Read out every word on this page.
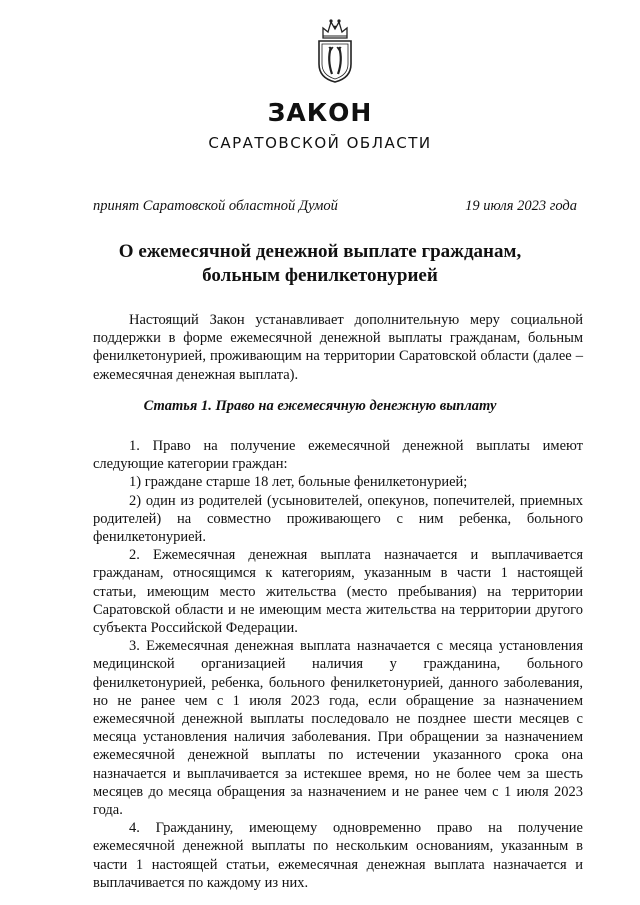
ЗАКОН
САРАТОВСКОЙ ОБЛАСТИ
принят Саратовской областной Думой	19 июля 2023 года
О ежемесячной денежной выплате гражданам,
больным фенилкетонурией

Настоящий Закон устанавливает дополнительную меру социальной поддержки в форме ежемесячной денежной выплаты гражданам, больным фенилкетонурией, проживающим на территории Саратовской области (далее – ежемесячная денежная выплата).

Статья 1. Право на ежемесячную денежную выплату

1. Право на получение ежемесячной денежной выплаты имеют следующие категории граждан:

1) граждане старше 18 лет, больные фенилкетонурией;

2) один из родителей (усыновителей, опекунов, попечителей, приемных родителей) на совместно проживающего с ним ребенка, больного фенилкетонурией.

2. Ежемесячная денежная выплата назначается и выплачивается гражданам, относящимся к категориям, указанным в части 1 настоящей статьи, имеющим место жительства (место пребывания) на территории Саратовской области и не имеющим места жительства на территории другого субъекта Российской Федерации.

3. Ежемесячная денежная выплата назначается с месяца установления медицинской организацией наличия у гражданина, больного фенилкетонурией, ребенка, больного фенилкетонурией, данного заболевания, но не ранее чем с 1 июля 2023 года, если обращение за назначением ежемесячной денежной выплаты последовало не позднее шести месяцев с месяца установления наличия заболевания. При обращении за назначением ежемесячной денежной выплаты по истечении указанного срока она назначается и выплачивается за истекшее время, но не более чем за шесть месяцев до месяца обращения за назначением и не ранее чем с 1 июля 2023 года.

4. Гражданину, имеющему одновременно право на получение ежемесячной денежной выплаты по нескольким основаниям, указанным в части 1 настоящей статьи, ежемесячная денежная выплата назначается и выплачивается по каждому из них.
